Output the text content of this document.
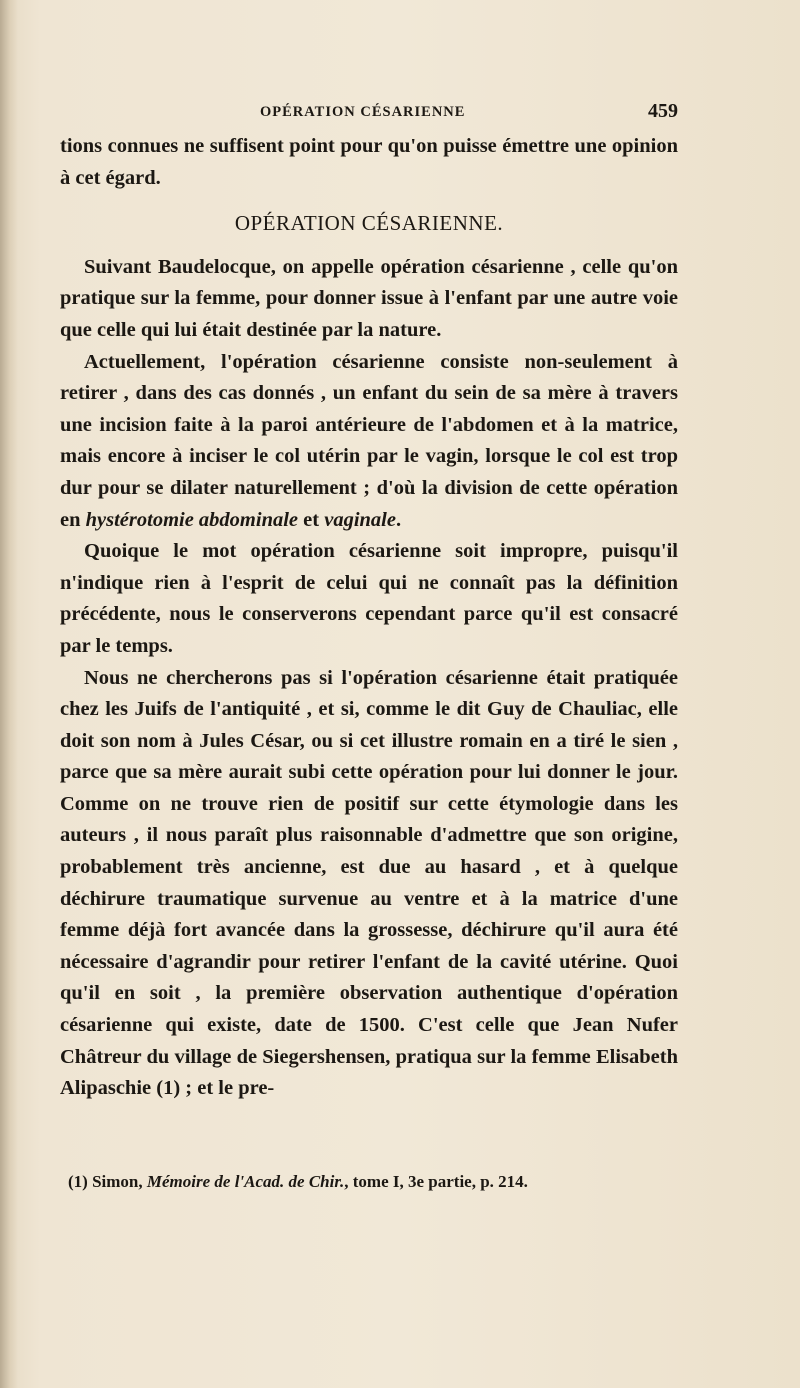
OPÉRATION CÉSARIENNE	459

tions connues ne suffisent point pour qu'on puisse émettre une opinion à cet égard.

OPÉRATION CÉSARIENNE.

Suivant Baudelocque, on appelle opération césarienne , celle qu'on pratique sur la femme, pour donner issue à l'enfant par une autre voie que celle qui lui était destinée par la nature.

Actuellement, l'opération césarienne consiste non-seulement à retirer , dans des cas donnés , un enfant du sein de sa mère à travers une incision faite à la paroi antérieure de l'abdomen et à la matrice, mais encore à inciser le col utérin par le vagin, lorsque le col est trop dur pour se dilater naturellement ; d'où la division de cette opération en hystérotomie abdominale et vaginale.

Quoique le mot opération césarienne soit impropre, puisqu'il n'indique rien à l'esprit de celui qui ne connaît pas la définition précédente, nous le conserverons cependant parce qu'il est consacré par le temps.

Nous ne chercherons pas si l'opération césarienne était pratiquée chez les Juifs de l'antiquité , et si, comme le dit Guy de Chauliac, elle doit son nom à Jules César, ou si cet illustre romain en a tiré le sien , parce que sa mère aurait subi cette opération pour lui donner le jour. Comme on ne trouve rien de positif sur cette étymologie dans les auteurs , il nous paraît plus raisonnable d'admettre que son origine, probablement très ancienne, est due au hasard , et à quelque déchirure traumatique survenue au ventre et à la matrice d'une femme déjà fort avancée dans la grossesse, déchirure qu'il aura été nécessaire d'agrandir pour retirer l'enfant de la cavité utérine. Quoi qu'il en soit , la première observation authentique d'opération césarienne qui existe, date de 1500. C'est celle que Jean Nufer Châtreur du village de Siegershensen, pratiqua sur la femme Elisabeth Alipaschie (1) ; et le pre-

(1) Simon, Mémoire de l'Acad. de Chir., tome I, 3e partie, p. 214.
